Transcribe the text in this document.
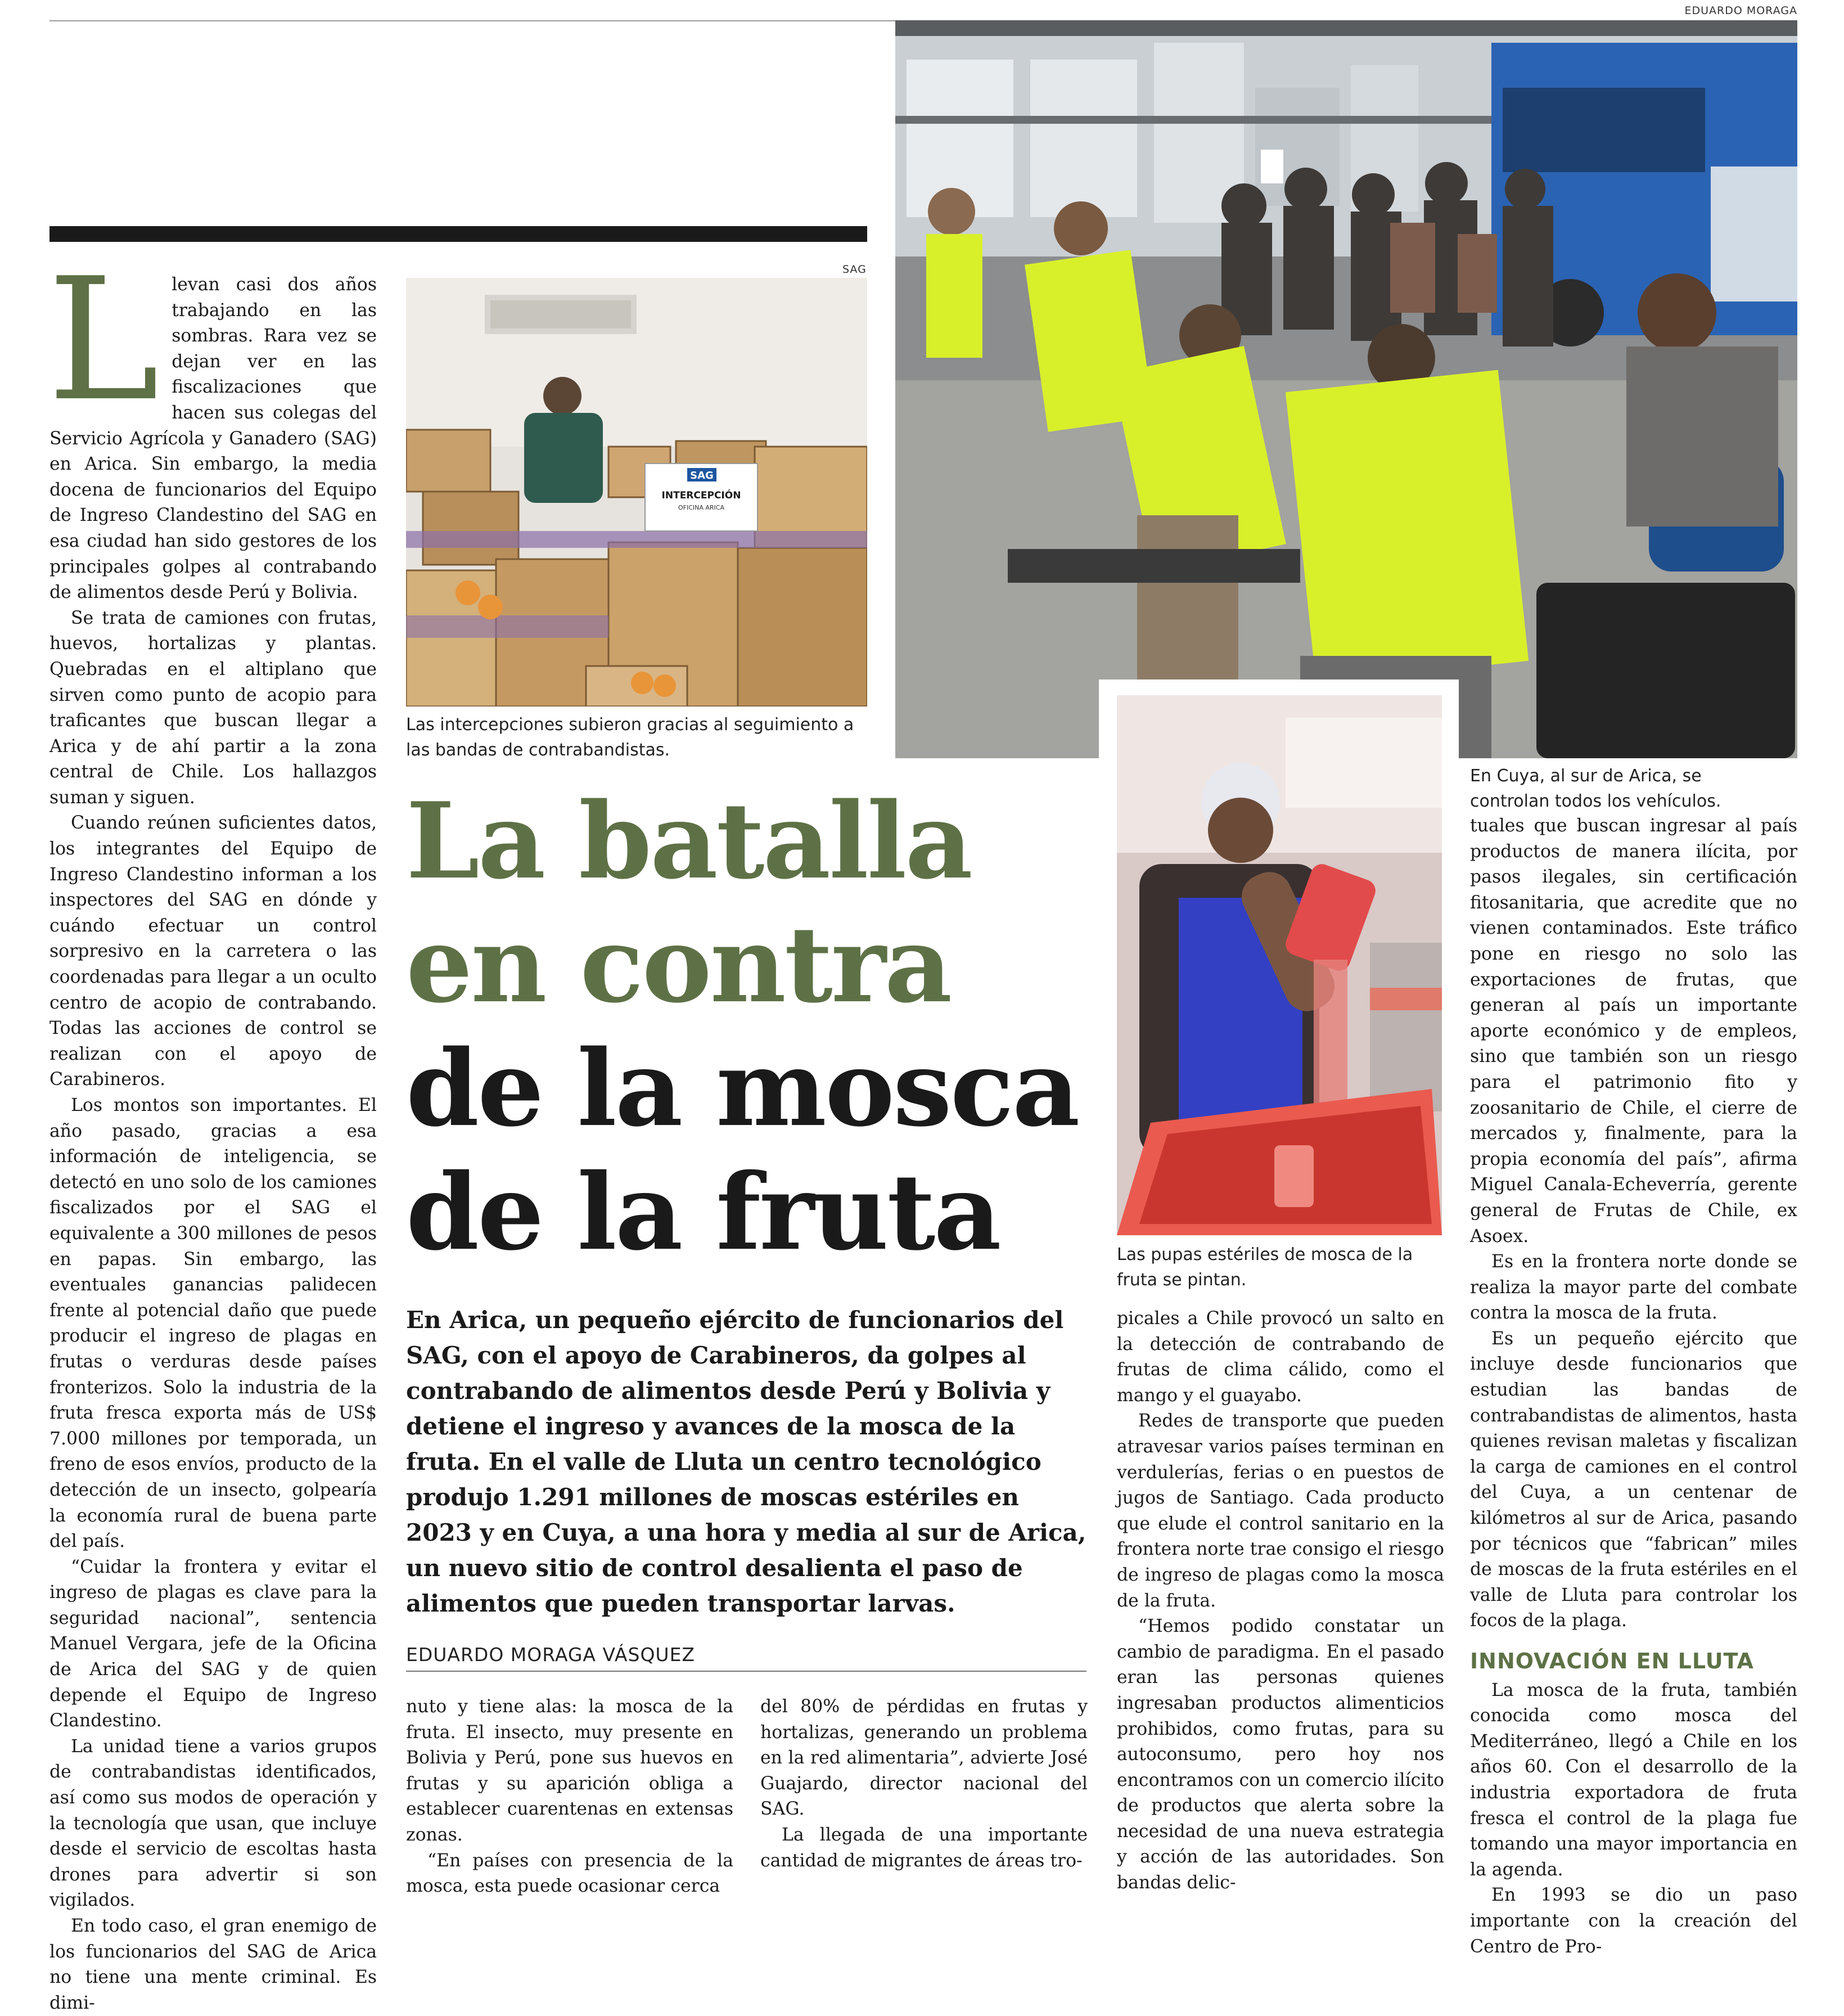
EDUARDO MORAGA
En Cuya, al sur de Arica, se controlan todos los vehículos.
SAG
SAG
INTERCEPCIÓN
OFICINA ARICA
Las intercepciones subieron gracias al seguimiento a las bandas de contrabandistas.
Las pupas estériles de mosca de la fruta se pintan.
La batalla
en contra
de la mosca
de la fruta
En Arica, un pequeño ejército de funcionarios del SAG, con el apoyo de Carabineros, da golpes al contrabando de alimentos desde Perú y Bolivia y detiene el ingreso y avances de la mosca de la fruta. En el valle de Lluta un centro tecnológico produjo 1.291 millones de moscas estériles en 2023 y en Cuya, a una hora y media al sur de Arica, un nuevo sitio de control desalienta el paso de alimentos que pueden transportar larvas.
EDUARDO MORAGA VÁSQUEZ

Llevan casi dos años trabajando en las sombras. Rara vez se dejan ver en las fiscalizaciones que hacen sus colegas del Servicio Agrícola y Ganadero (SAG) en Arica. Sin embargo, la media docena de funcionarios del Equipo de Ingreso Clandestino del SAG en esa ciudad han sido gestores de los principales golpes al contrabando de alimentos desde Perú y Bolivia.

Se trata de camiones con frutas, huevos, hortalizas y plantas. Quebradas en el altiplano que sirven como punto de acopio para traficantes que buscan llegar a Arica y de ahí partir a la zona central de Chile. Los hallazgos suman y siguen.

Cuando reúnen suficientes datos, los integrantes del Equipo de Ingreso Clandestino informan a los inspectores del SAG en dónde y cuándo efectuar un control sorpresivo en la carretera o las coordenadas para llegar a un oculto centro de acopio de contrabando. Todas las acciones de control se realizan con el apoyo de Carabineros.

Los montos son importantes. El año pasado, gracias a esa información de inteligencia, se detectó en uno solo de los camiones fiscalizados por el SAG el equivalente a 300 millones de pesos en papas. Sin embargo, las eventuales ganancias palidecen frente al potencial daño que puede producir el ingreso de plagas en frutas o verduras desde países fronterizos. Solo la industria de la fruta fresca exporta más de US$ 7.000 millones por temporada, un freno de esos envíos, producto de la detección de un insecto, golpearía la economía rural de buena parte del país.

“Cuidar la frontera y evitar el ingreso de plagas es clave para la seguridad nacional”, sentencia Manuel Vergara, jefe de la Oficina de Arica del SAG y de quien depende el Equipo de Ingreso Clandestino.

La unidad tiene a varios grupos de contrabandistas identificados, así como sus modos de operación y la tecnología que usan, que incluye desde el servicio de escoltas hasta drones para advertir si son vigilados.

En todo caso, el gran enemigo de los funcionarios del SAG de Arica no tiene una mente criminal. Es dimi-

nuto y tiene alas: la mosca de la fruta. El insecto, muy presente en Bolivia y Perú, pone sus huevos en frutas y su aparición obliga a establecer cuarentenas en extensas zonas.

“En países con presencia de la mosca, esta puede ocasionar cerca

del 80% de pérdidas en frutas y hortalizas, generando un problema en la red alimentaria”, advierte José Guajardo, director nacional del SAG.

La llegada de una importante cantidad de migrantes de áreas tro-

picales a Chile provocó un salto en la detección de contrabando de frutas de clima cálido, como el mango y el guayabo.

Redes de transporte que pueden atravesar varios países terminan en verdulerías, ferias o en puestos de jugos de Santiago. Cada producto que elude el control sanitario en la frontera norte trae consigo el riesgo de ingreso de plagas como la mosca de la fruta.

“Hemos podido constatar un cambio de paradigma. En el pasado eran las personas quienes ingresaban productos alimenticios prohibidos, como frutas, para su autoconsumo, pero hoy nos encontramos con un comercio ilícito de productos que alerta sobre la necesidad de una nueva estrategia y acción de las autoridades. Son bandas delic-

tuales que buscan ingresar al país productos de manera ilícita, por pasos ilegales, sin certificación fitosanitaria, que acredite que no vienen contaminados. Este tráfico pone en riesgo no solo las exportaciones de frutas, que generan al país un importante aporte económico y de empleos, sino que también son un riesgo para el patrimonio fito y zoosanitario de Chile, el cierre de mercados y, finalmente, para la propia economía del país”, afirma Miguel Canala-Echeverría, gerente general de Frutas de Chile, ex Asoex.

Es en la frontera norte donde se realiza la mayor parte del combate contra la mosca de la fruta.

Es un pequeño ejército que incluye desde funcionarios que estudian las bandas de contrabandistas de alimentos, hasta quienes revisan maletas y fiscalizan la carga de camiones en el control del Cuya, a un centenar de kilómetros al sur de Arica, pasando por técnicos que “fabrican” miles de moscas de la fruta estériles en el valle de Lluta para controlar los focos de la plaga.

INNOVACIÓN EN LLUTA

La mosca de la fruta, también conocida como mosca del Mediterráneo, llegó a Chile en los años 60. Con el desarrollo de la industria exportadora de fruta fresca el control de la plaga fue tomando una mayor importancia en la agenda.

En 1993 se dio un paso importante con la creación del Centro de Pro-
